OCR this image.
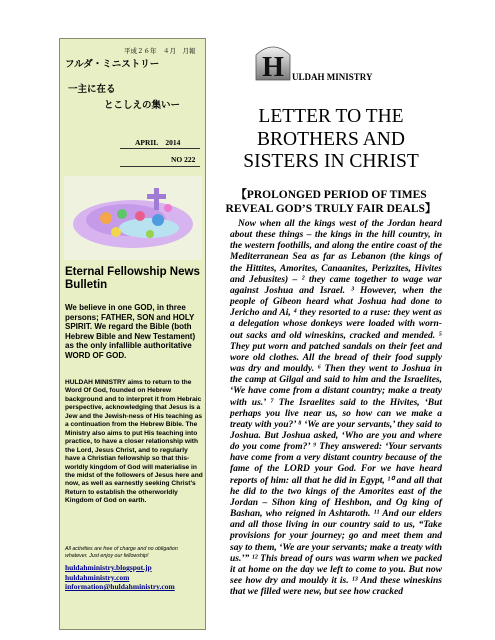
平成２６年　４月　月報
フルダ・ミニストリー
一主に在る
とこしえの集いー
APRIL　2014
NO 222
Eternal Fellowship News Bulletin
We believe in one GOD, in three persons; FATHER, SON and HOLY SPIRIT. We regard the Bible (both Hebrew Bible and New Testament) as the only infallible authoritative WORD OF GOD.
HULDAH MINISTRY aims to return to the Word Of God, founded on Hebrew background and to interpret it from Hebraic perspective, acknowledging that Jesus is a Jew and the Jewish-ness of His teaching as a continuation from the Hebrew Bible. The Ministry also aims to put His teaching into practice, to have a closer relationship with the Lord, Jesus Christ, and to regularly have a Christian fellowship so that this-worldly kingdom of God will materialise in the midst of the followers of Jesus here and now, as well as earnestly seeking Christ's Return to establish the otherworldly Kingdom of God on earth.
All activities are free of charge and no obligation
whatever. Just enjoy our fellowship!
huldahministry.blogspot.jp
huldahministry.com
information@huldahministry.com
H ULDAH MINISTRY
LETTER TO THE
BROTHERS AND
SISTERS IN CHRIST
【PROLONGED PERIOD OF TIMES
REVEAL GOD’S TRULY FAIR DEALS】

Now when all the kings west of the Jordan heard about these things – the kings in the hill country, in the western foothills, and along the entire coast of the Mediterranean Sea as far as Lebanon (the kings of the Hittites, Amorites, Canaanites, Perizzites, Hivites and Jebusites) – ² they came together to wage war against Joshua and Israel. ³ However, when the people of Gibeon heard what Joshua had done to Jericho and Ai, ⁴ they resorted to a ruse: they went as a delegation whose donkeys were loaded with worn-out sacks and old wineskins, cracked and mended. ⁵ They put worn and patched sandals on their feet and wore old clothes. All the bread of their food supply was dry and mouldy. ⁶ Then they went to Joshua in the camp at Gilgal and said to him and the Israelites, ‘We have come from a distant country; make a treaty with us.’ ⁷ The Israelites said to the Hivites, ‘But perhaps you live near us, so how can we make a treaty with you?’ ⁸ ‘We are your servants,’ they said to Joshua. But Joshua asked, ‘Who are you and where do you come from?’ ⁹ They answered: ‘Your servants have come from a very distant country because of the fame of the LORD your God. For we have heard reports of him: all that he did in Egypt, ¹⁰ and all that he did to the two kings of the Amorites east of the Jordan – Sihon king of Heshbon, and Og king of Bashan, who reigned in Ashtaroth. ¹¹ And our elders and all those living in our country said to us, “Take provisions for your journey; go and meet them and say to them, ‘We are your servants; make a treaty with us.’” ¹² This bread of ours was warm when we packed it at home on the day we left to come to you. But now see how dry and mouldy it is. ¹³ And these wineskins that we filled were new, but see how cracked
